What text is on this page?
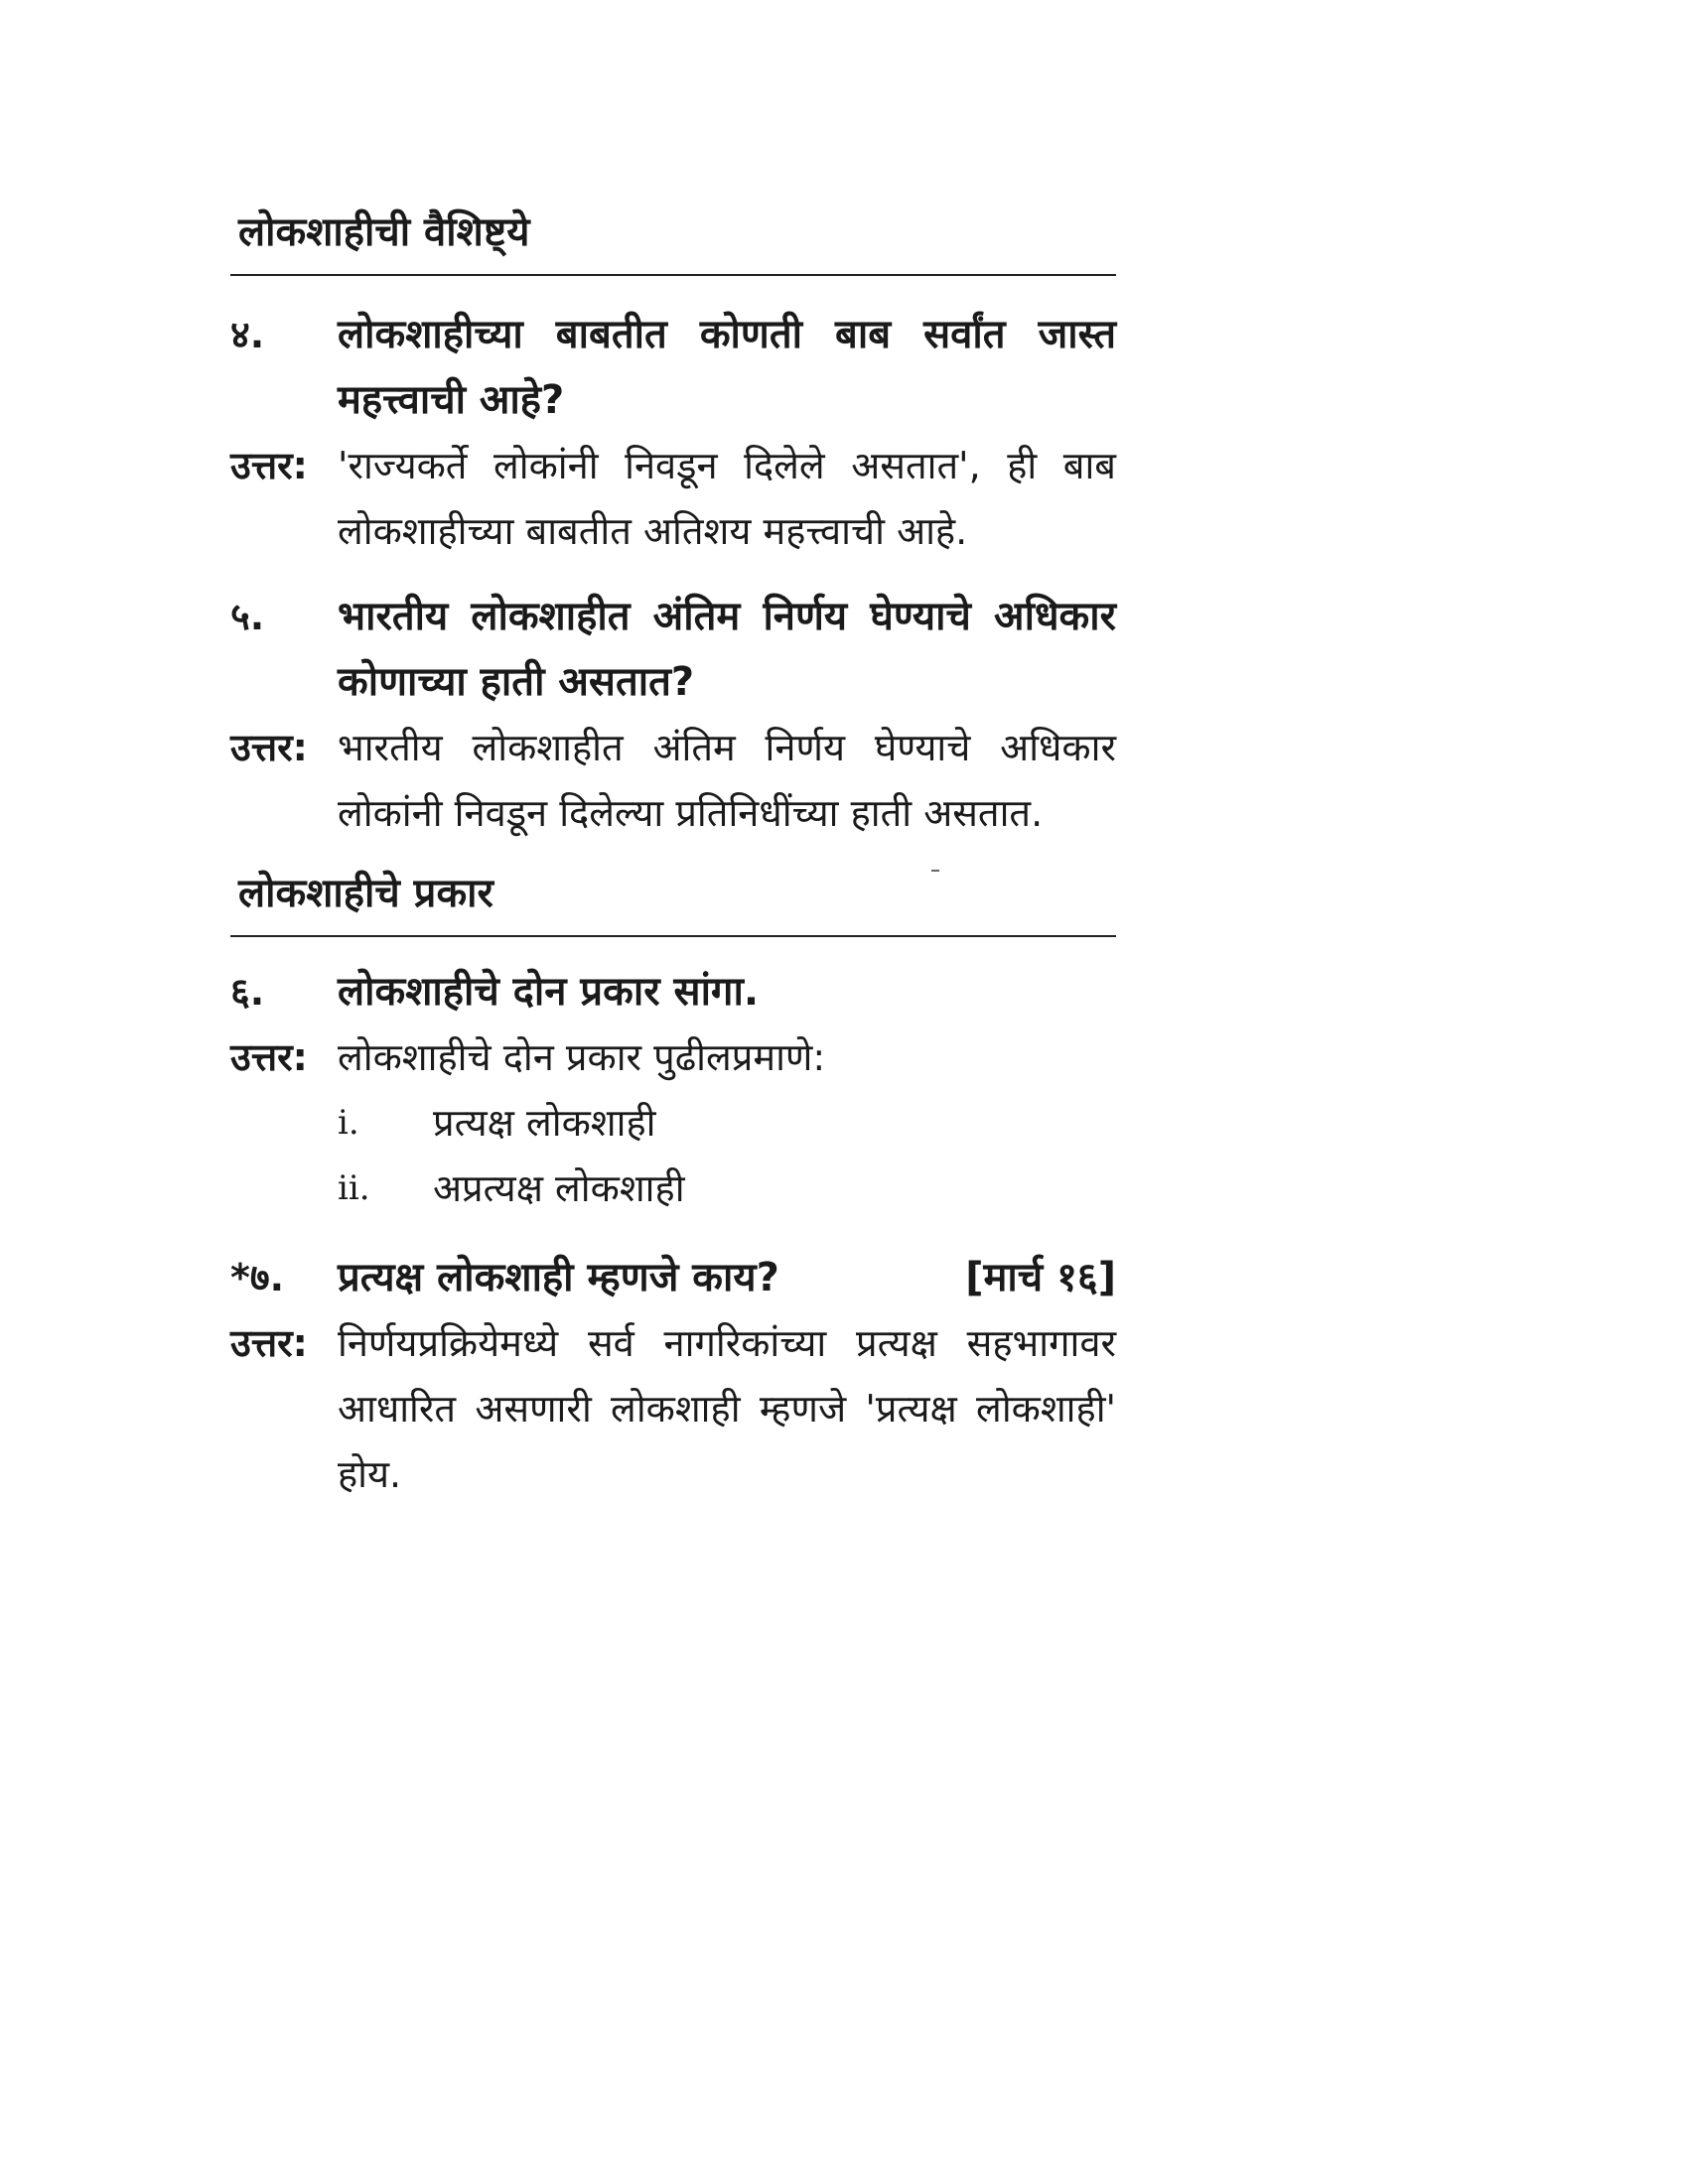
लोकशाहीची वैशिष्ट्ये
४.	लोकशाहीच्या बाबतीत कोणती बाब सर्वांत जास्त महत्त्वाची आहे?
उत्तर: 'राज्यकर्ते लोकांनी निवडून दिलेले असतात', ही बाब लोकशाहीच्या बाबतीत अतिशय महत्त्वाची आहे.
५.	भारतीय लोकशाहीत अंतिम निर्णय घेण्याचे अधिकार कोणाच्या हाती असतात?
उत्तर: भारतीय लोकशाहीत अंतिम निर्णय घेण्याचे अधिकार लोकांनी निवडून दिलेल्या प्रतिनिधींच्या हाती असतात.
लोकशाहीचे प्रकार
६.	लोकशाहीचे दोन प्रकार सांगा.
उत्तर: लोकशाहीचे दोन प्रकार पुढीलप्रमाणे:
i.	प्रत्यक्ष लोकशाही
ii.	अप्रत्यक्ष लोकशाही
*७.	प्रत्यक्ष लोकशाही म्हणजे काय?	[मार्च १६]
उत्तर: निर्णयप्रक्रियेमध्ये सर्व नागरिकांच्या प्रत्यक्ष सहभागावर आधारित असणारी लोकशाही म्हणजे 'प्रत्यक्ष लोकशाही' होय.
